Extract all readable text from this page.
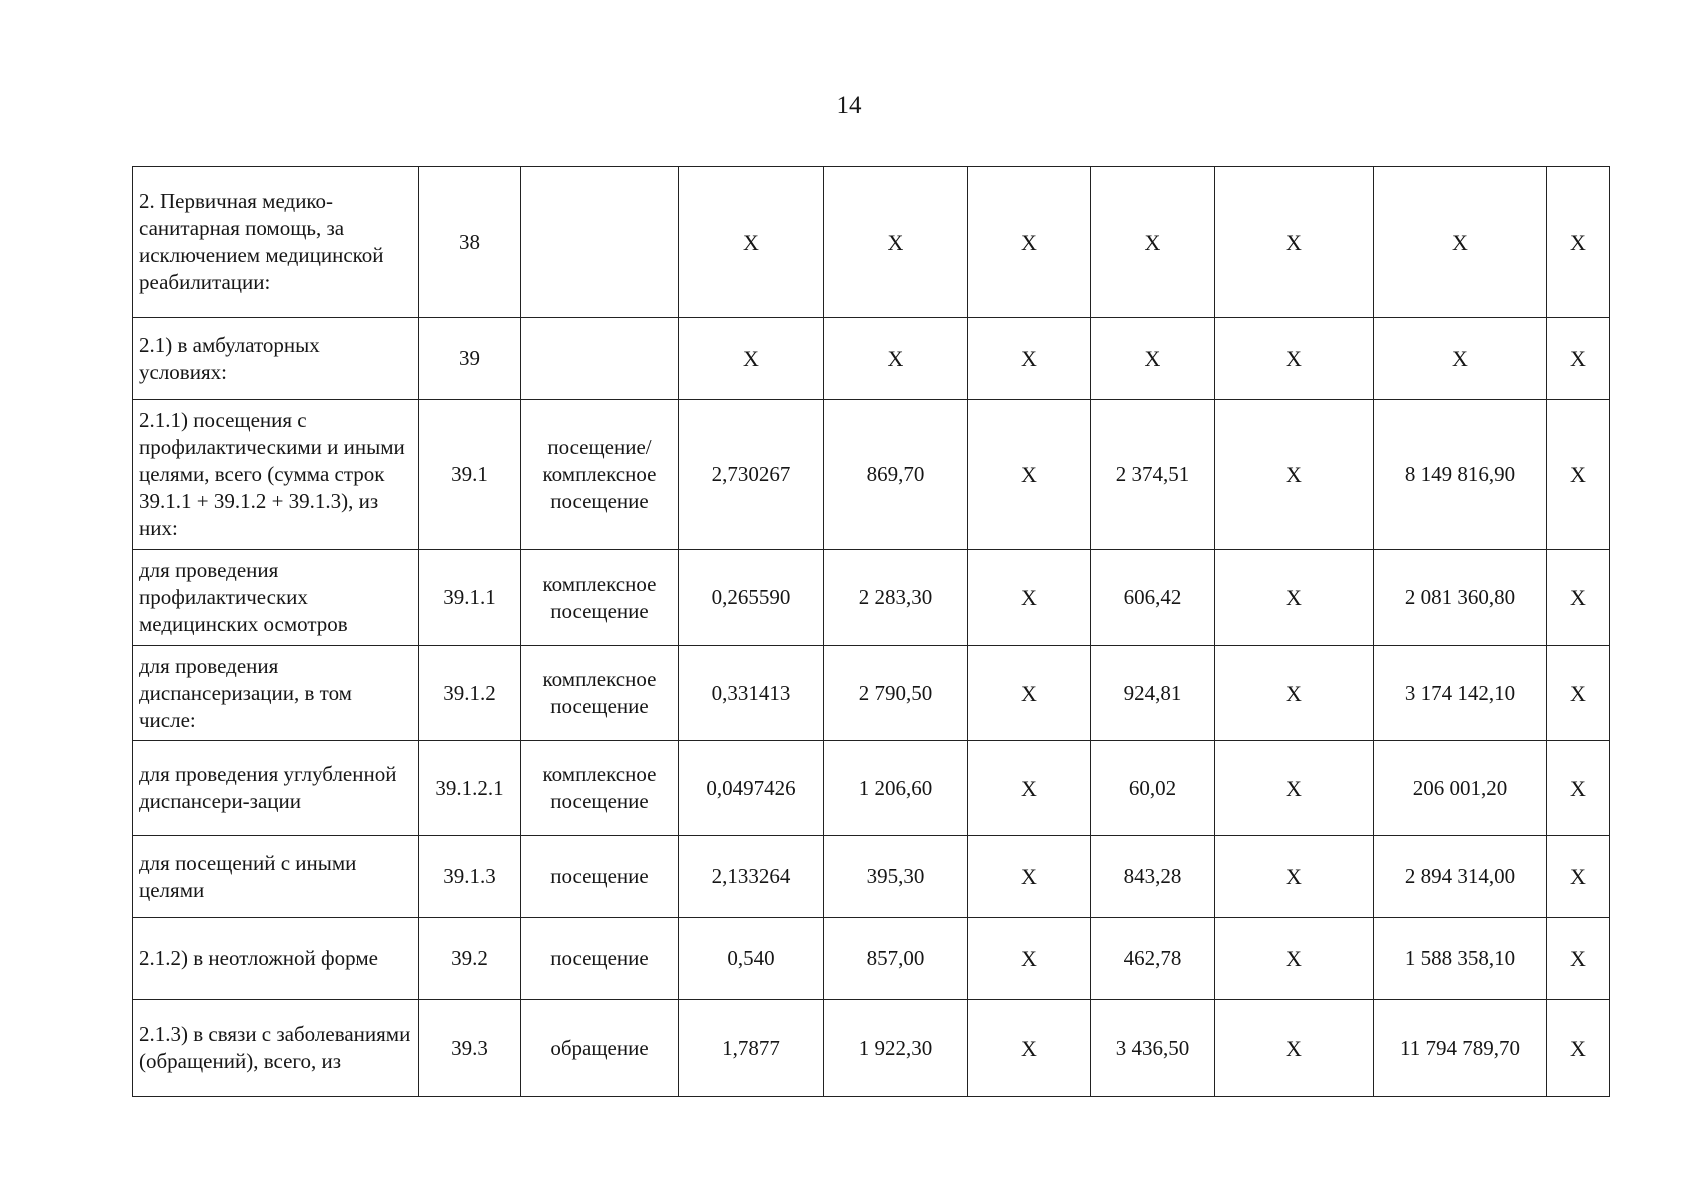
14
2. Первичная медико-санитарная помощь, за исключением медицинской реабилитации:	38		Х	Х	Х	Х	Х	Х	Х
2.1) в амбулаторных условиях:	39		Х	Х	Х	Х	Х	Х	Х
2.1.1) посещения с профилактическими и иными целями, всего (сумма строк 39.1.1 + 39.1.2 + 39.1.3), из них:	39.1	посещение/ комплексное посещение	2,730267	869,70	Х	2 374,51	Х	8 149 816,90	Х
для проведения профилактических медицинских осмотров	39.1.1	комплексное посещение	0,265590	2 283,30	Х	606,42	Х	2 081 360,80	Х
для проведения диспансеризации, в том числе:	39.1.2	комплексное посещение	0,331413	2 790,50	Х	924,81	Х	3 174 142,10	Х
для проведения углубленной диспансери-зации	39.1.2.1	комплексное посещение	0,0497426	1 206,60	Х	60,02	Х	206 001,20	Х
для посещений с иными целями	39.1.3	посещение	2,133264	395,30	Х	843,28	Х	2 894 314,00	Х
2.1.2) в неотложной форме	39.2	посещение	0,540	857,00	Х	462,78	Х	1 588 358,10	Х
2.1.3) в связи с заболеваниями (обращений), всего, из	39.3	обращение	1,7877	1 922,30	Х	3 436,50	Х	11 794 789,70	Х
